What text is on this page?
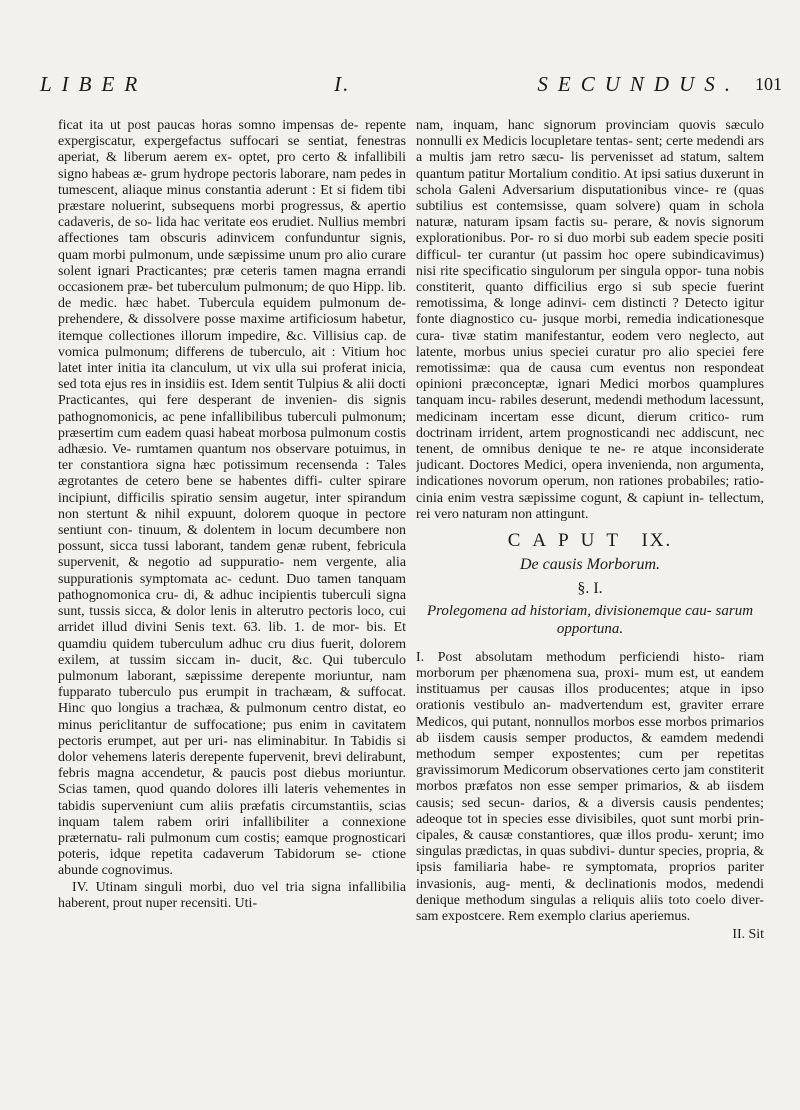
LIBER	I.	SECUNDUS. 101

ficat ita ut post paucas horas somno impensas de- repente expergiscatur, expergefactus suffocari se sentiat, fenestras aperiat, & liberum aerem ex- optet, pro certo & infallibili signo habeas æ- grum hydrope pectoris laborare, nam pedes in tumescent, aliaque minus constantia aderunt : Et si fidem tibi præstare noluerint, subsequens morbi progressus, & apertio cadaveris, de so- lida hac veritate eos erudiet. Nullius membri affectiones tam obscuris adinvicem confunduntur signis, quam morbi pulmonum, unde sæpissime unum pro alio curare solent ignari Practicantes; præ ceteris tamen magna errandi occasionem præ- bet tuberculum pulmonum; de quo Hipp. lib. de medic. hæc habet. Tubercula equidem pulmonum de- prehendere, & dissolvere posse maxime artificiosum habetur, itemque collectiones illorum impedire, &c. Villisius cap. de vomica pulmonum; differens de tuberculo, ait : Vitium hoc latet inter initia ita clanculum, ut vix ulla sui proferat inicia, sed tota ejus res in insidiis est. Idem sentit Tulpius & alii docti Practicantes, qui fere desperant de invenien- dis signis pathognomonicis, ac pene infallibilibus tuberculi pulmonum; præsertim cum eadem quasi habeat morbosa pulmonum costis adhæsio. Ve- rumtamen quantum nos observare potuimus, in ter constantiora signa hæc potissimum recensenda : Tales ægrotantes de cetero bene se habentes diffi- culter spirare incipiunt, difficilis spiratio sensim augetur, inter spirandum non stertunt & nihil expuunt, dolorem quoque in pectore sentiunt con- tinuum, & dolentem in locum decumbere non possunt, sicca tussi laborant, tandem genæ rubent, febricula supervenit, & negotio ad suppuratio- nem vergente, alia suppurationis symptomata ac- cedunt. Duo tamen tanquam pathognomonica cru- di, & adhuc incipientis tuberculi signa sunt, tussis sicca, & dolor lenis in alterutro pectoris loco, cui arridet illud divini Senis text. 63. lib. 1. de mor- bis. Et quamdiu quidem tuberculum adhuc cru dius fuerit, dolorem exilem, at tussim siccam in- ducit, &c. Qui tuberculo pulmonum laborant, sæpissime derepente moriuntur, nam fupparato tuberculo pus erumpit in trachæam, & suffocat. Hinc quo longius a trachæa, & pulmonum centro distat, eo minus periclitantur de suffocatione; pus enim in cavitatem pectoris erumpet, aut per uri- nas eliminabitur. In Tabidis si dolor vehemens lateris derepente fupervenit, brevi delirabunt, febris magna accendetur, & paucis post diebus moriuntur. Scias tamen, quod quando dolores illi lateris vehementes in tabidis superveniunt cum aliis præfatis circumstantiis, scias inquam talem rabem oriri infallibiliter a connexione præternatu- rali pulmonum cum costis; eamque prognosticari poteris, idque repetita cadaverum Tabidorum se- ctione abunde cognovimus.

IV. Utinam singuli morbi, duo vel tria signa infallibilia haberent, prout nuper recensiti. Uti-

nam, inquam, hanc signorum provinciam quovis sæculo nonnulli ex Medicis locupletare tentas- sent; certe medendi ars a multis jam retro sæcu- lis pervenisset ad statum, saltem quantum patitur Mortalium conditio. At ipsi satius duxerunt in schola Galeni Adversarium disputationibus vince- re (quas subtilius est contemsisse, quam solvere) quam in schola naturæ, naturam ipsam factis su- perare, & novis signorum explorationibus. Por- ro si duo morbi sub eadem specie positi difficul- ter curantur (ut passim hoc opere subindicavimus) nisi rite specificatio singulorum per singula oppor- tuna nobis constiterit, quanto difficilius ergo si sub specie fuerint remotissima, & longe adinvi- cem distincti ? Detecto igitur fonte diagnostico cu- jusque morbi, remedia indicationesque cura- tivæ statim manifestantur, eodem vero neglecto, aut latente, morbus unius speciei curatur pro alio speciei fere remotissimæ: qua de causa cum eventus non respondeat opinioni præconceptæ, ignari Medici morbos quamplures tanquam incu- rabiles deserunt, medendi methodum lacessunt, medicinam incertam esse dicunt, dierum critico- rum doctrinam irrident, artem prognosticandi nec addiscunt, nec tenent, de omnibus denique te ne- re atque inconsiderate judicant. Doctores Medici, opera invenienda, non argumenta, indicationes novorum operum, non rationes probabiles; ratio- cinia enim vestra sæpissime cogunt, & capiunt in- tellectum, rei vero naturam non attingunt.

CAPUT IX.
De causis Morborum.
§. I.
Prolegomena ad historiam, divisionemque cau- sarum opportuna.

I. Post absolutam methodum perficiendi histo- riam morborum per phænomena sua, proxi- mum est, ut eandem instituamus per causas illos producentes; atque in ipso orationis vestibulo an- madvertendum est, graviter errare Medicos, qui putant, nonnullos morbos esse morbos primarios ab iisdem causis semper productos, & eamdem medendi methodum semper expostentes; cum per repetitas gravissimorum Medicorum observationes certo jam constiterit morbos præfatos non esse semper primarios, & ab iisdem causis; sed secun- darios, & a diversis causis pendentes; adeoque tot in species esse divisibiles, quot sunt morbi prin- cipales, & causæ constantiores, quæ illos produ- xerunt; imo singulas prædictas, in quas subdivi- duntur species, propria, & ipsis familiaria habe- re symptomata, proprios pariter invasionis, aug- menti, & declinationis modos, medendi denique methodum singulas a reliquis aliis toto coelo diver- sam expostcere. Rem exemplo clarius aperiemus.

II. Sit
